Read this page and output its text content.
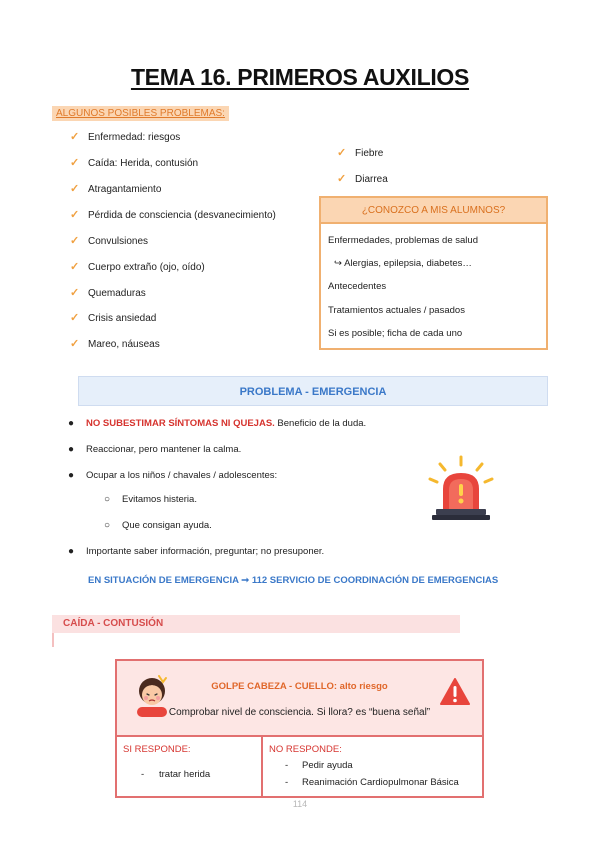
TEMA 16. PRIMEROS AUXILIOS
ALGUNOS POSIBLES PROBLEMAS:
✓ Enfermedad: riesgos
✓ Caída: Herida, contusión
✓ Atragantamiento
✓ Pérdida de consciencia (desvanecimiento)
✓ Convulsiones
✓ Cuerpo extraño (ojo, oído)
✓ Quemaduras
✓ Crisis ansiedad
✓ Mareo, náuseas
✓ Fiebre
✓ Diarrea
¿CONOZCO A MIS ALUMNOS?
Enfermedades, problemas de salud
↪ Alergias, epilepsia, diabetes…
Antecedentes
Tratamientos actuales / pasados
Si es posible; ficha de cada uno
PROBLEMA - EMERGENCIA
● NO SUBESTIMAR SÍNTOMAS NI QUEJAS. Beneficio de la duda.
● Reaccionar, pero mantener la calma.
● Ocupar a los niños / chavales / adolescentes:
○ Evitamos histeria.
○ Que consigan ayuda.
● Importante saber información, preguntar; no presuponer.
EN SITUACIÓN DE EMERGENCIA ➞ 112 SERVICIO DE COORDINACIÓN DE EMERGENCIAS
CAÍDA - CONTUSIÓN
GOLPE CABEZA - CUELLO: alto riesgo
Comprobar nivel de consciencia. Si llora? es “buena señal”
SI RESPONDE:
- tratar herida
NO RESPONDE:
- Pedir ayuda
- Reanimación Cardiopulmonar Básica
114
